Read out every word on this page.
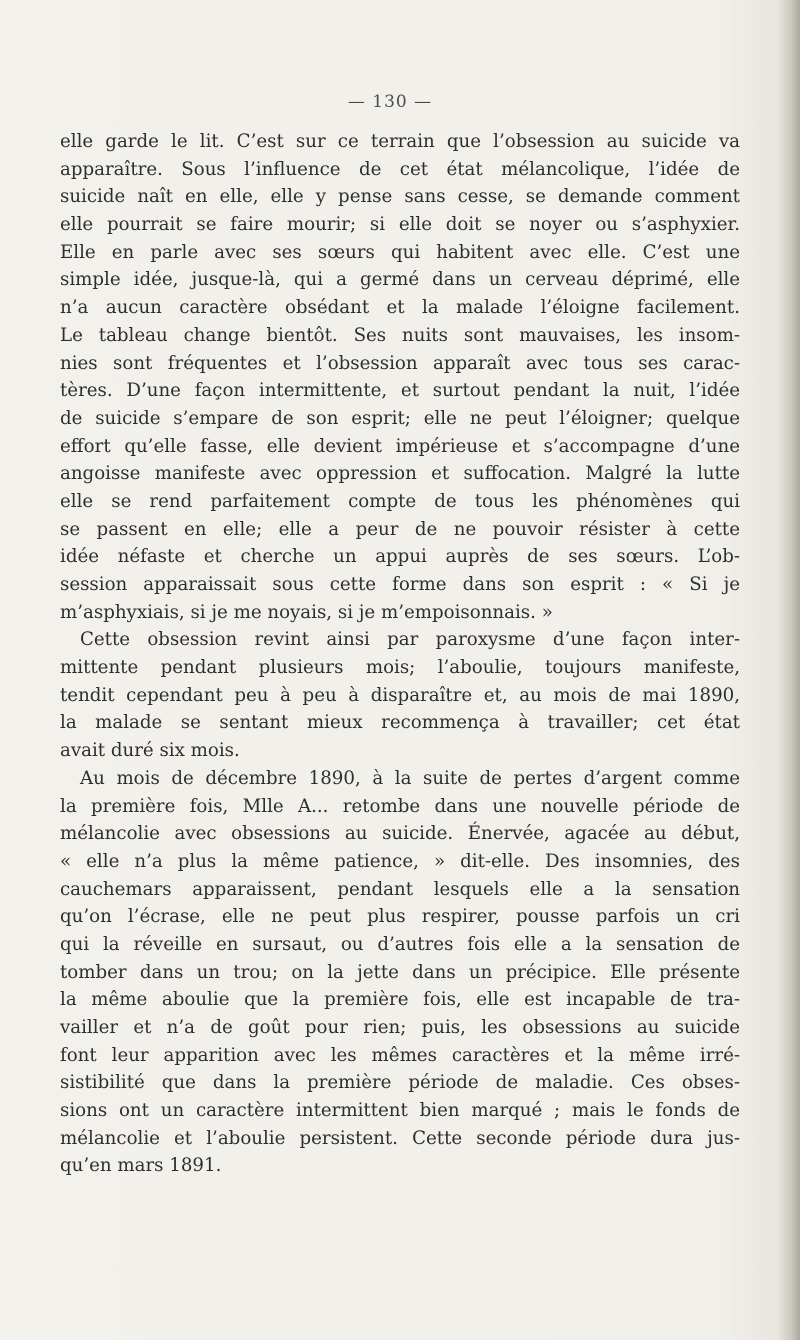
— 130 —
elle garde le lit. C’est sur ce terrain que l’obsession au suicide va
apparaître. Sous l’influence de cet état mélancolique, l’idée de
suicide naît en elle, elle y pense sans cesse, se demande comment
elle pourrait se faire mourir; si elle doit se noyer ou s’asphyxier.
Elle en parle avec ses sœurs qui habitent avec elle. C’est une
simple idée, jusque-là, qui a germé dans un cerveau déprimé, elle
n’a aucun caractère obsédant et la malade l’éloigne facilement.
Le tableau change bientôt. Ses nuits sont mauvaises, les insom-
nies sont fréquentes et l’obsession apparaît avec tous ses carac-
tères. D’une façon intermittente, et surtout pendant la nuit, l’idée
de suicide s’empare de son esprit; elle ne peut l’éloigner; quelque
effort qu’elle fasse, elle devient impérieuse et s’accompagne d’une
angoisse manifeste avec oppression et suffocation. Malgré la lutte
elle se rend parfaitement compte de tous les phénomènes qui
se passent en elle; elle a peur de ne pouvoir résister à cette
idée néfaste et cherche un appui auprès de ses sœurs. L’ob-
session apparaissait sous cette forme dans son esprit : « Si je
m’asphyxiais, si je me noyais, si je m’empoisonnais. »
Cette obsession revint ainsi par paroxysme d’une façon inter-
mittente pendant plusieurs mois; l’aboulie, toujours manifeste,
tendit cependant peu à peu à disparaître et, au mois de mai 1890,
la malade se sentant mieux recommença à travailler; cet état
avait duré six mois.
Au mois de décembre 1890, à la suite de pertes d’argent comme
la première fois, Mlle A... retombe dans une nouvelle période de
mélancolie avec obsessions au suicide. Énervée, agacée au début,
« elle n’a plus la même patience, » dit-elle. Des insomnies, des
cauchemars apparaissent, pendant lesquels elle a la sensation
qu’on l’écrase, elle ne peut plus respirer, pousse parfois un cri
qui la réveille en sursaut, ou d’autres fois elle a la sensation de
tomber dans un trou; on la jette dans un précipice. Elle présente
la même aboulie que la première fois, elle est incapable de tra-
vailler et n’a de goût pour rien; puis, les obsessions au suicide
font leur apparition avec les mêmes caractères et la même irré-
sistibilité que dans la première période de maladie. Ces obses-
sions ont un caractère intermittent bien marqué ; mais le fonds de
mélancolie et l’aboulie persistent. Cette seconde période dura jus-
qu’en mars 1891.
